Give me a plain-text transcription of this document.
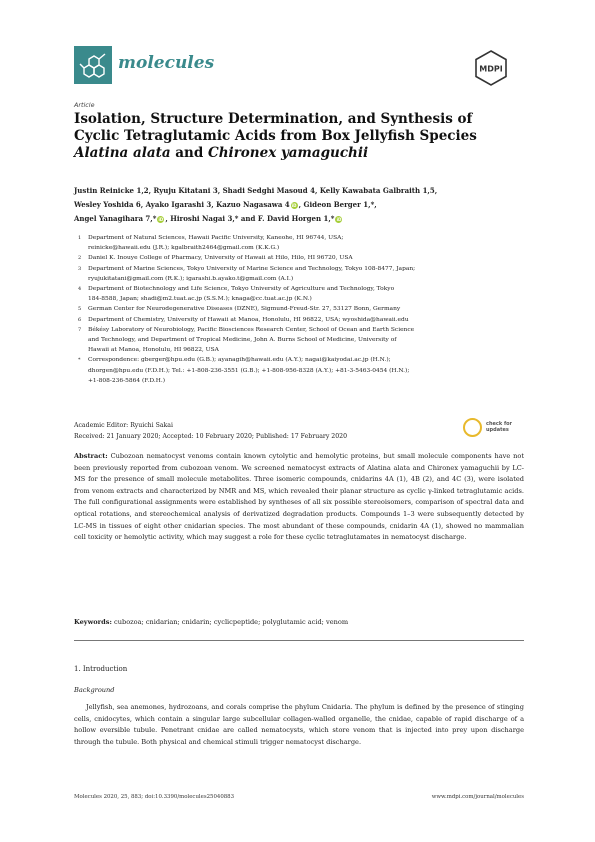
molecules	MDPI
Article
Isolation, Structure Determination, and Synthesis of
Cyclic Tetraglutamic Acids from Box Jellyfish Species
Alatina alata and Chironex yamaguchii
Justin Reinicke 1,2, Ryuju Kitatani 3, Shadi Sedghi Masoud 4, Kelly Kawabata Galbraith 1,5,
Wesley Yoshida 6, Ayako Igarashi 3, Kazuo Nagasawa 4 iD , Gideon Berger 1,*,
Angel Yanagihara 7,* iD , Hiroshi Nagai 3,* and F. David Horgen 1,* iD
1 Department of Natural Sciences, Hawaii Pacific University, Kaneohe, HI 96744, USA;
reinicke@hawaii.edu (J.R.); kgalbraith2464@gmail.com (K.K.G.)
2 Daniel K. Inouye College of Pharmacy, University of Hawaii at Hilo, Hilo, HI 96720, USA
3 Department of Marine Sciences, Tokyo University of Marine Science and Technology, Tokyo 108-8477, Japan;
ryujukitatani@gmail.com (R.K.); igarashi.b.ayako.t@gmail.com (A.I.)
4 Department of Biotechnology and Life Science, Tokyo University of Agriculture and Technology, Tokyo
184-8588, Japan; shadi@m2.tuat.ac.jp (S.S.M.); knaga@cc.tuat.ac.jp (K.N.)
5 German Center for Neurodegenerative Diseases (DZNE), Sigmund-Freud-Str. 27, 53127 Bonn, Germany
6 Department of Chemistry, University of Hawaii at Manoa, Honolulu, HI 96822, USA; wyoshida@hawaii.edu
7 Békésy Laboratory of Neurobiology, Pacific Biosciences Research Center, School of Ocean and Earth Science
and Technology, and Department of Tropical Medicine, John A. Burns School of Medicine, University of
Hawaii at Manoa, Honolulu, HI 96822, USA
* Correspondence: gberger@hpu.edu (G.B.); ayanagih@hawaii.edu (A.Y.); nagai@kaiyodai.ac.jp (H.N.);
dhorgen@hpu.edu (F.D.H.); Tel.: +1-808-236-3551 (G.B.); +1-808-956-8328 (A.Y.); +81-3-5463-0454 (H.N.);
+1-808-236-5864 (F.D.H.)
Academic Editor: Ryuichi Sakai
Received: 21 January 2020; Accepted: 10 February 2020; Published: 17 February 2020
check for
updates
Abstract: Cubozoan nematocyst venoms contain known cytolytic and hemolytic proteins, but small molecule components have not been previously reported from cubozoan venom. We screened nematocyst extracts of Alatina alata and Chironex yamaguchii by LC-MS for the presence of small molecule metabolites. Three isomeric compounds, cnidarins 4A (1), 4B (2), and 4C (3), were isolated from venom extracts and characterized by NMR and MS, which revealed their planar structure as cyclic γ-linked tetraglutamic acids. The full configurational assignments were established by syntheses of all six possible stereoisomers, comparison of spectral data and optical rotations, and stereochemical analysis of derivatized degradation products. Compounds 1–3 were subsequently detected by LC-MS in tissues of eight other cnidarian species. The most abundant of these compounds, cnidarin 4A (1), showed no mammalian cell toxicity or hemolytic activity, which may suggest a role for these cyclic tetraglutamates in nematocyst discharge.
Keywords: cubozoa; cnidarian; cnidarin; cyclicpeptide; polyglutamic acid; venom
1. Introduction
Background
Jellyfish, sea anemones, hydrozoans, and corals comprise the phylum Cnidaria. The phylum is defined by the presence of stinging cells, cnidocytes, which contain a singular large subcellular collagen-walled organelle, the cnidae, capable of rapid discharge of a hollow eversible tubule. Penetrant cnidae are called nematocysts, which store venom that is injected into prey upon discharge through the tubule. Both physical and chemical stimuli trigger nematocyst discharge.
Molecules 2020, 25, 883; doi:10.3390/molecules25040883	www.mdpi.com/journal/molecules
